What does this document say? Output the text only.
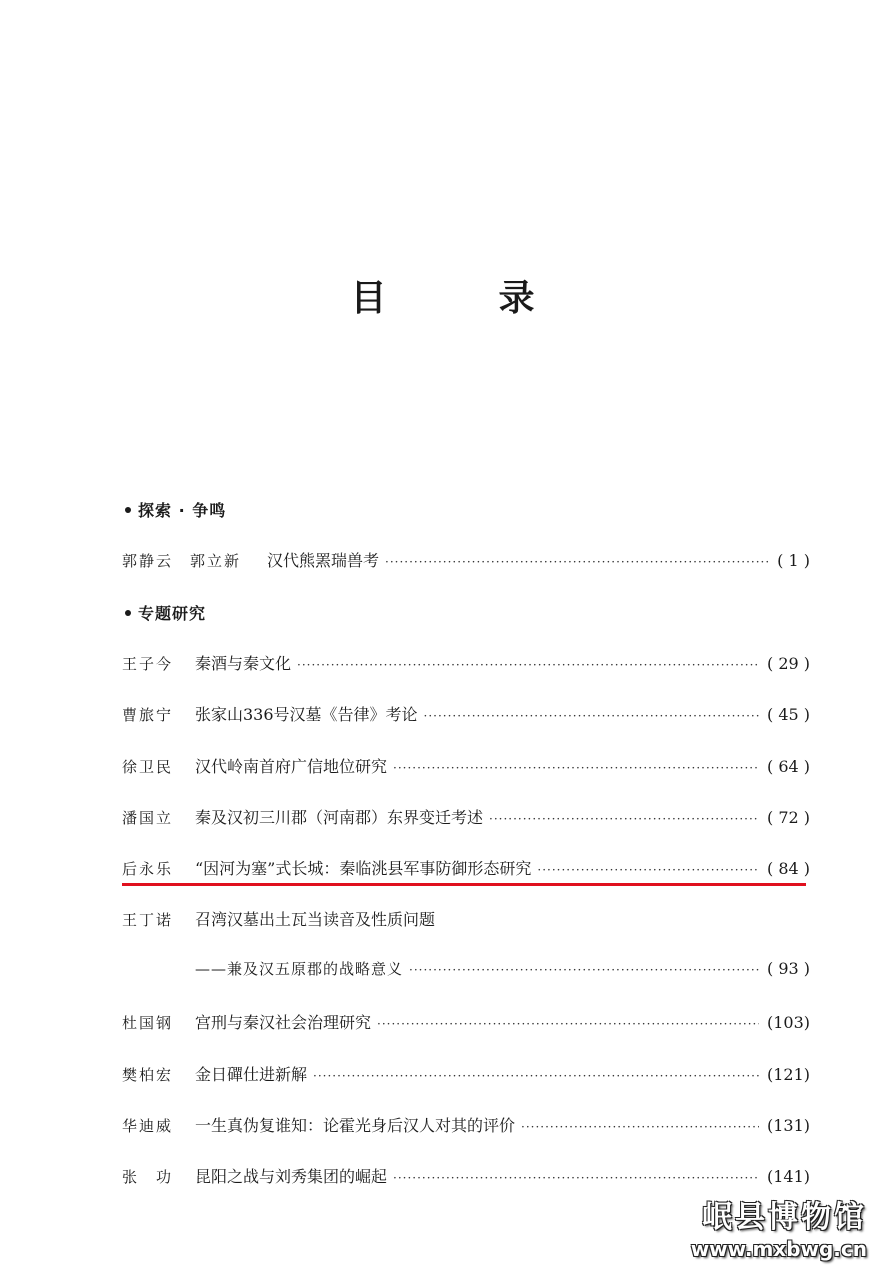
目　录
探索 · 争鸣
郭静云　郭立新	汉代熊罴瑞兽考 ·····	( 1 )
专题研究
王子今	秦酒与秦文化 ·····	( 29 )
曹旅宁	张家山336号汉墓《告律》考论 ·····	( 45 )
徐卫民	汉代岭南首府广信地位研究 ·····	( 64 )
潘国立	秦及汉初三川郡（河南郡）东界变迁考述 ·····	( 72 )
后永乐	“因河为塞”式长城：秦临洮县军事防御形态研究 ·····	( 84 )
王丁诺	召湾汉墓出土瓦当读音及性质问题
——兼及汉五原郡的战略意义 ·····	( 93 )
杜国钢	宫刑与秦汉社会治理研究 ·····	(103)
樊柏宏	金日磾仕进新解 ·····	(121)
华迪威	一生真伪复谁知：论霍光身后汉人对其的评价 ·····	(131)
张　功	昆阳之战与刘秀集团的崛起 ·····	(141)
岷县博物馆
www.mxbwg.cn
